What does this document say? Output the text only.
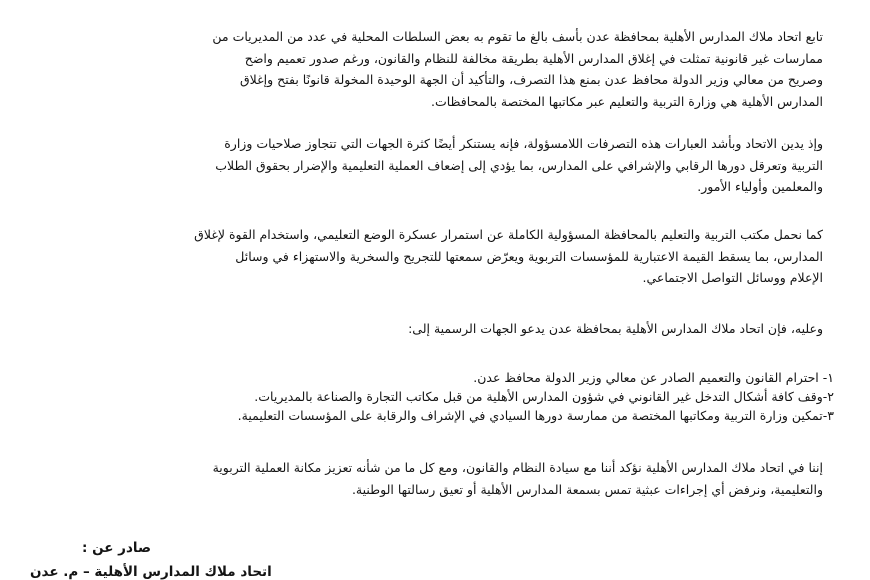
تابع اتحاد ملاك المدارس الأهلية بمحافظة عدن بأسف بالغ ما تقوم به بعض السلطات المحلية في عدد من المديريات من
ممارسات غير قانونية تمثلت في إغلاق المدارس الأهلية بطريقة مخالفة للنظام والقانون، ورغم صدور تعميم واضح
وصريح من معالي وزير الدولة محافظ عدن بمنع هذا التصرف، والتأكيد أن الجهة الوحيدة المخولة قانونًا بفتح وإغلاق
المدارس الأهلية هي وزارة التربية والتعليم عبر مكاتبها المختصة بالمحافظات.

وإذ يدين الاتحاد وبأشد العبارات هذه التصرفات اللامسؤولة، فإنه يستنكر أيضًا كثرة الجهات التي تتجاوز صلاحيات وزارة
التربية وتعرقل دورها الرقابي والإشرافي على المدارس، بما يؤدي إلى إضعاف العملية التعليمية والإضرار بحقوق الطلاب
والمعلمين وأولياء الأمور.

كما نحمل مكتب التربية والتعليم بالمحافظة المسؤولية الكاملة عن استمرار عسكرة الوضع التعليمي، واستخدام القوة لإغلاق
المدارس، بما يسقط القيمة الاعتبارية للمؤسسات التربوية ويعرّض سمعتها للتجريح والسخرية والاستهزاء في وسائل
الإعلام ووسائل التواصل الاجتماعي.

وعليه، فإن اتحاد ملاك المدارس الأهلية بمحافظة عدن يدعو الجهات الرسمية إلى:

١- احترام القانون والتعميم الصادر عن معالي وزير الدولة محافظ عدن.
٢-وقف كافة أشكال التدخل غير القانوني في شؤون المدارس الأهلية من قبل مكاتب التجارة والصناعة بالمديريات.
٣-تمكين وزارة التربية ومكاتبها المختصة من ممارسة دورها السيادي في الإشراف والرقابة على المؤسسات التعليمية.

إننا في اتحاد ملاك المدارس الأهلية نؤكد أننا مع سيادة النظام والقانون، ومع كل ما من شأنه تعزيز مكانة العملية التربوية
والتعليمية، ونرفض أي إجراءات عبثية تمس بسمعة المدارس الأهلية أو تعيق رسالتها الوطنية.

صادر عن :
اتحاد ملاك المدارس الأهلية – م. عدن
